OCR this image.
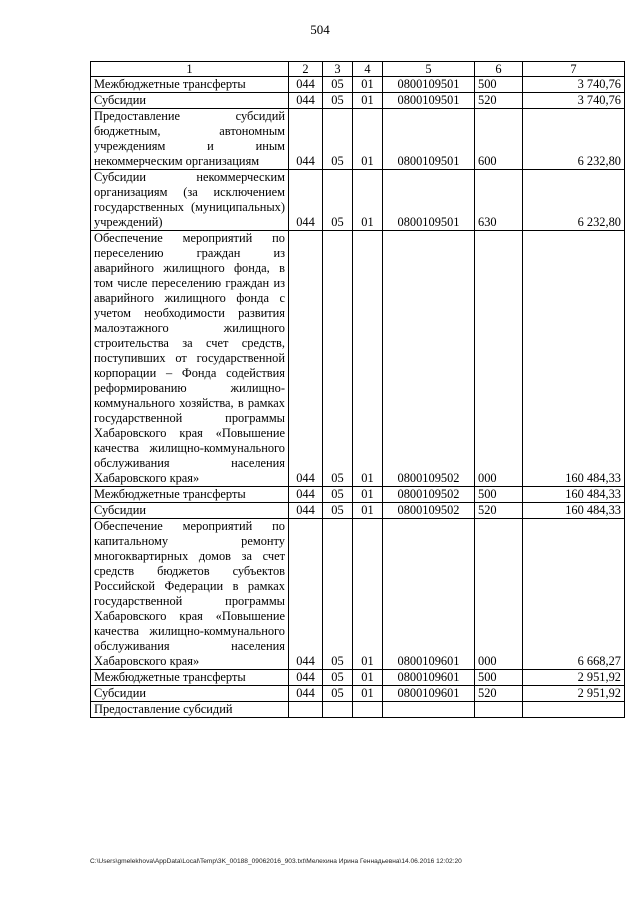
504
1	2	3	4	5	6	7
Межбюджетные трансферты	044	05	01	0800109501	500	3 740,76
Субсидии	044	05	01	0800109501	520	3 740,76
Предоставление субсидий бюджетным, автономным учреждениям и иным некоммерческим организациям	044	05	01	0800109501	600	6 232,80
Субсидии некоммерческим организациям (за исключением государственных (муниципальных) учреждений)	044	05	01	0800109501	630	6 232,80
Обеспечение мероприятий по переселению граждан из аварийного жилищного фонда, в том числе переселению граждан из аварийного жилищного фонда с учетом необходимости развития малоэтажного жилищного строительства за счет средств, поступивших от государственной корпорации – Фонда содействия реформированию жилищно-коммунального хозяйства, в рамках государственной программы Хабаровского края «Повышение качества жилищно-коммунального обслуживания населения Хабаровского края»	044	05	01	0800109502	000	160 484,33
Межбюджетные трансферты	044	05	01	0800109502	500	160 484,33
Субсидии	044	05	01	0800109502	520	160 484,33
Обеспечение мероприятий по капитальному ремонту многоквартирных домов за счет средств бюджетов субъектов Российской Федерации в рамках государственной программы Хабаровского края «Повышение качества жилищно-коммунального обслуживания населения Хабаровского края»	044	05	01	0800109601	000	6 668,27
Межбюджетные трансферты	044	05	01	0800109601	500	2 951,92
Субсидии	044	05	01	0800109601	520	2 951,92
Предоставление субсидий						
C:\Users\gmelekhova\AppData\Local\Temp\3K_00188_09062016_903.txt\Мелехина Ирина Геннадьевна\14.06.2016 12:02:20
